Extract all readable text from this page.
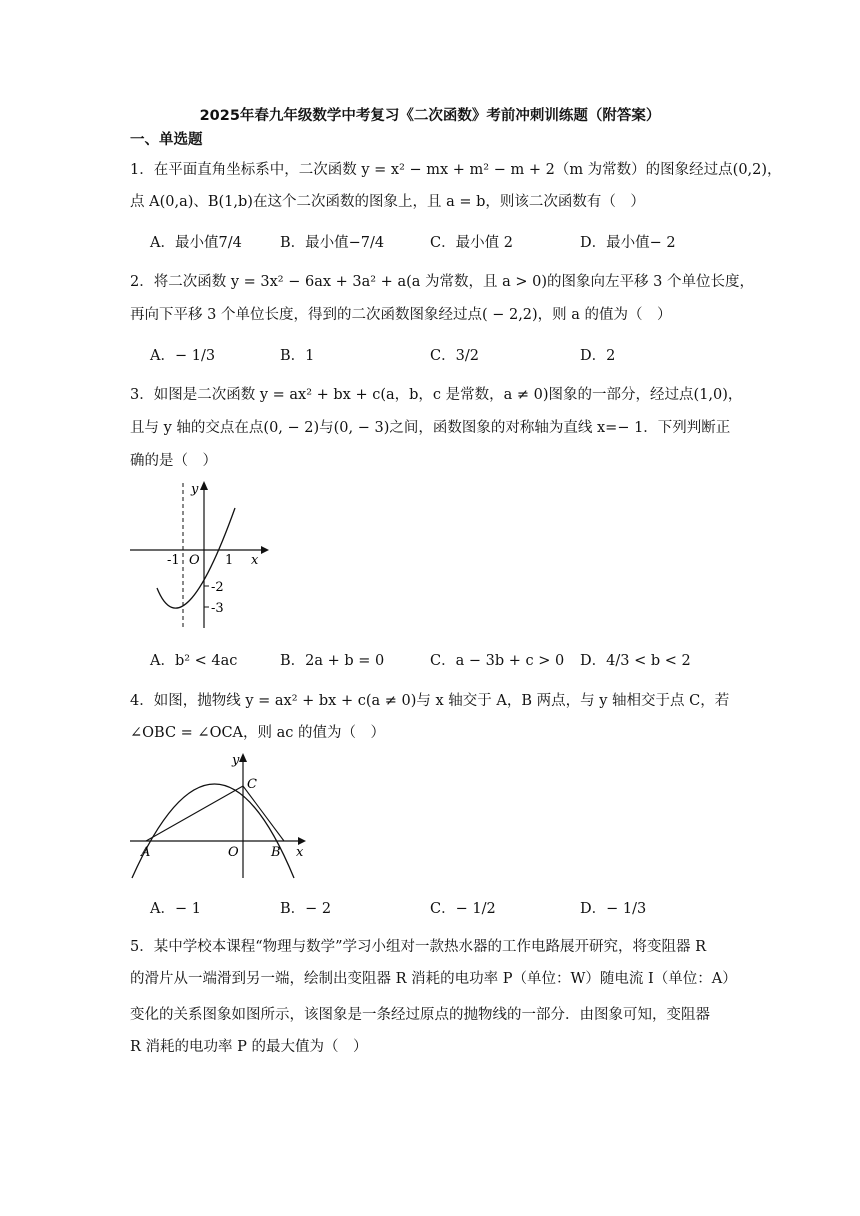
2025年春九年级数学中考复习《二次函数》考前冲刺训练题（附答案）
一、单选题
1．在平面直角坐标系中，二次函数 y = x² − mx + m² − m + 2（m 为常数）的图象经过点(0,2)，
点 A(0,a)、B(1,b)在这个二次函数的图象上，且 a = b，则该二次函数有（　）
A．最小值7/4	B．最小值−7/4	C．最小值 2	D．最小值− 2
2．将二次函数 y = 3x² − 6ax + 3a² + a(a 为常数，且 a > 0)的图象向左平移 3 个单位长度，
再向下平移 3 个单位长度，得到的二次函数图象经过点( − 2,2)，则 a 的值为（　）
A．− 1/3	B．1	C．3/2	D．2
3．如图是二次函数 y = ax² + bx + c(a，b，c 是常数，a ≠ 0)图象的一部分，经过点(1,0)，
且与 y 轴的交点在点(0, − 2)与(0, − 3)之间，函数图象的对称轴为直线 x=− 1．下列判断正
确的是（　）
y
x
-1 O 1
-2
-3
A．b² < 4ac	B．2a + b = 0	C．a − 3b + c > 0 D．4/3 < b < 2
4．如图，抛物线 y = ax² + bx + c(a ≠ 0)与 x 轴交于 A，B 两点，与 y 轴相交于点 C，若
∠OBC = ∠OCA，则 ac 的值为（　）
y
C
A	O B x
A．− 1	B．− 2	C．− 1/2	D．− 1/3
5．某中学校本课程“物理与数学”学习小组对一款热水器的工作电路展开研究，将变阻器 R
的滑片从一端滑到另一端，绘制出变阻器 R 消耗的电功率 P（单位：W）随电流 I（单位：A）
变化的关系图象如图所示，该图象是一条经过原点的抛物线的一部分．由图象可知，变阻器
R 消耗的电功率 P 的最大值为（　）
